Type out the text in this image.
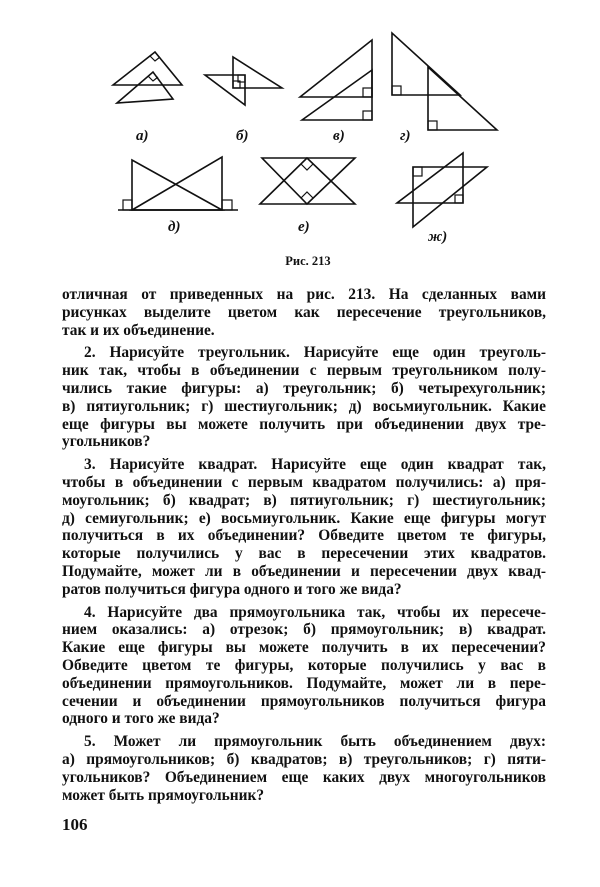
а)	б)	в)	г)
д)	е)
ж)
Рис. 213
отличная от приведенных на рис. 213. На сделанных вами
рисунках выделите цветом как пересечение треугольников,
так и их объединение.
2. Нарисуйте треугольник. Нарисуйте еще один треуголь-
ник так, чтобы в объединении с первым треугольником полу-
чились такие фигуры: а) треугольник; б) четырехугольник;
в) пятиугольник; г) шестиугольник; д) восьмиугольник. Какие
еще фигуры вы можете получить при объединении двух тре-
угольников?
3. Нарисуйте квадрат. Нарисуйте еще один квадрат так,
чтобы в объединении с первым квадратом получились: а) пря-
моугольник; б) квадрат; в) пятиугольник; г) шестиугольник;
д) семиугольник; е) восьмиугольник. Какие еще фигуры могут
получиться в их объединении? Обведите цветом те фигуры,
которые получились у вас в пересечении этих квадратов.
Подумайте, может ли в объединении и пересечении двух квад-
ратов получиться фигура одного и того же вида?
4. Нарисуйте два прямоугольника так, чтобы их пересече-
нием оказались: а) отрезок; б) прямоугольник; в) квадрат.
Какие еще фигуры вы можете получить в их пересечении?
Обведите цветом те фигуры, которые получились у вас в
объединении прямоугольников. Подумайте, может ли в пере-
сечении и объединении прямоугольников получиться фигура
одного и того же вида?
5. Может ли прямоугольник быть объединением двух:
а) прямоугольников; б) квадратов; в) треугольников; г) пяти-
угольников? Объединением еще каких двух многоугольников
может быть прямоугольник?
106
